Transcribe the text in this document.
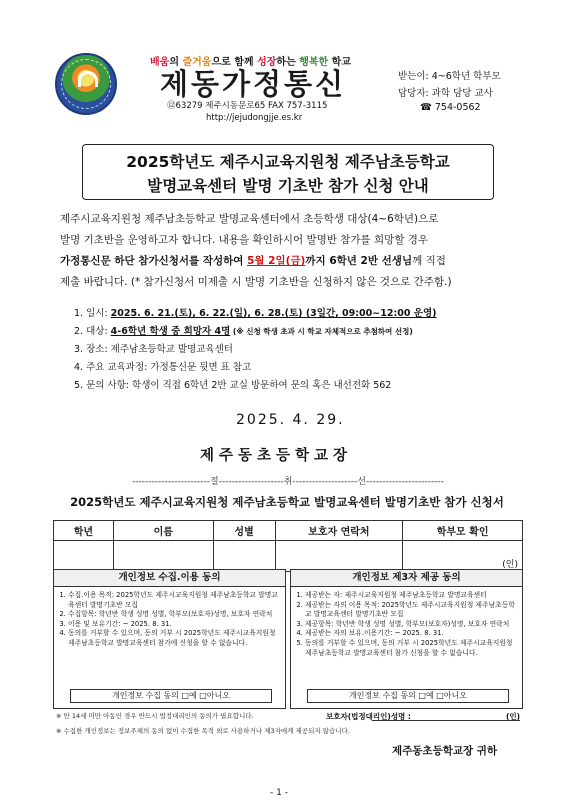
배움의 즐거움으로 함께 성장하는 행복한 학교
제동가정통신
⑫63279 제주시동문로65 FAX 757-3115
http://jejudongjje.es.kr
받는이: 4~6학년 학부모
담당자: 과학 담당 교사
☎ 754-0562
2025학년도 제주시교육지원청 제주남초등학교
발명교육센터 발명 기초반 참가 신청 안내
제주시교육지원청 제주남초등학교 발명교육센터에서 초등학생 대상(4~6학년)으로
발명 기초반을 운영하고자 합니다. 내용을 확인하시어 발명반 참가를 희망할 경우
가정통신문 하단 참가신청서를 작성하여 5월 2일(금)까지 6학년 2반 선생님께 직접
제출 바랍니다. (* 참가신청서 미제출 시 발명 기초반을 신청하지 않은 것으로 간주함.)
1. 일시: 2025. 6. 21.(토), 6. 22.(일), 6. 28.(토) (3일간, 09:00~12:00 운영)
2. 대상: 4-6학년 학생 중 희망자 4명 (※ 신청 학생 초과 시 학교 자체적으로 추첨하여 선정)
3. 장소: 제주남초등학교 발명교육센터
4. 주요 교육과정: 가정통신문 뒷면 표 참고
5. 문의 사항: 학생이 직접 6학년 2반 교실 방문하여 문의 혹은 내선전화 562
2025. 4. 29.
제주동초등학교장
------------------------절--------------------취--------------------선------------------------
2025학년도 제주시교육지원청 제주남초등학교 발명교육센터 발명기초반 참가 신청서
학년	이름	성별	보호자 연락처	학부모 확인
				(인)
개인정보 수집.이용 동의
1. 수집.이용 목적: 2025학년도 제주시교육지원청 제주남초등학교 발명교육센터 발명기초반 모집
2. 수집항목: 학년반 학생 성명 성별, 학부모(보호자)성명, 보호자 연락처
3. 이용 및 보유기간: ~ 2025. 8. 31.
4. 동의를 거부할 수 있으며, 동의 거부 시 2025학년도 제주시교육지원청 제주남초등학교 발명교육센터 참가에 신청을 할 수 없습니다.
개인정보 수집 동의 □예 □아니오
개인정보 제3자 제공 동의
1. 제공받는 자: 제주시교육지원청 제주남초등학교 발명교육센터
2. 제공받는 자의 이용 목적: 2025학년도 제주시교육지원청 제주남초등학교 발명교육센터 발명기초반 모집
3. 제공항목: 학년반 학생 성명 성별, 학부모(보호자)성명, 보호자 연락처
4. 제공받는 자의 보유.이용기간: ~ 2025. 8. 31.
5. 동의를 거부할 수 있으며, 동의 거부 시 2025학년도 제주시교육지원청 제주남초등학교 발명교육센터 참가 신청을 할 수 없습니다.
개인정보 수집 동의 □예 □아니오
※ 만 14세 미만 아동인 경우 반드시 법정대리인의 동의가 필요합니다.
※ 수집한 개인정보는 정보주체의 동의 없이 수집한 목적 외로 사용하거나 제3자에게 제공되지 않습니다.
보호자(법정대리인)성명 :	(인)
제주동초등학교장 귀하
- 1 -
